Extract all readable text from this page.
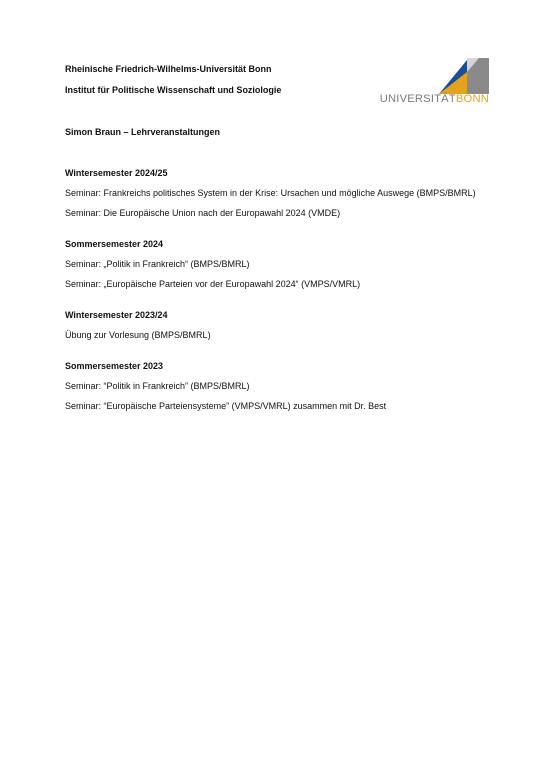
Rheinische Friedrich-Wilhelms-Universität Bonn
Institut für Politische Wissenschaft und Soziologie
UNIVERSITÄTBONN
Simon Braun – Lehrveranstaltungen
Wintersemester 2024/25
Seminar: Frankreichs politisches System in der Krise: Ursachen und mögliche Auswege (BMPS/BMRL)
Seminar: Die Europäische Union nach der Europawahl 2024 (VMDE)
Sommersemester 2024
Seminar: „Politik in Frankreich“ (BMPS/BMRL)
Seminar: „Europäische Parteien vor der Europawahl 2024“ (VMPS/VMRL)
Wintersemester 2023/24
Übung zur Vorlesung (BMPS/BMRL)
Sommersemester 2023
Seminar: “Politik in Frankreich” (BMPS/BMRL)
Seminar: “Europäische Parteiensysteme” (VMPS/VMRL) zusammen mit Dr. Best
